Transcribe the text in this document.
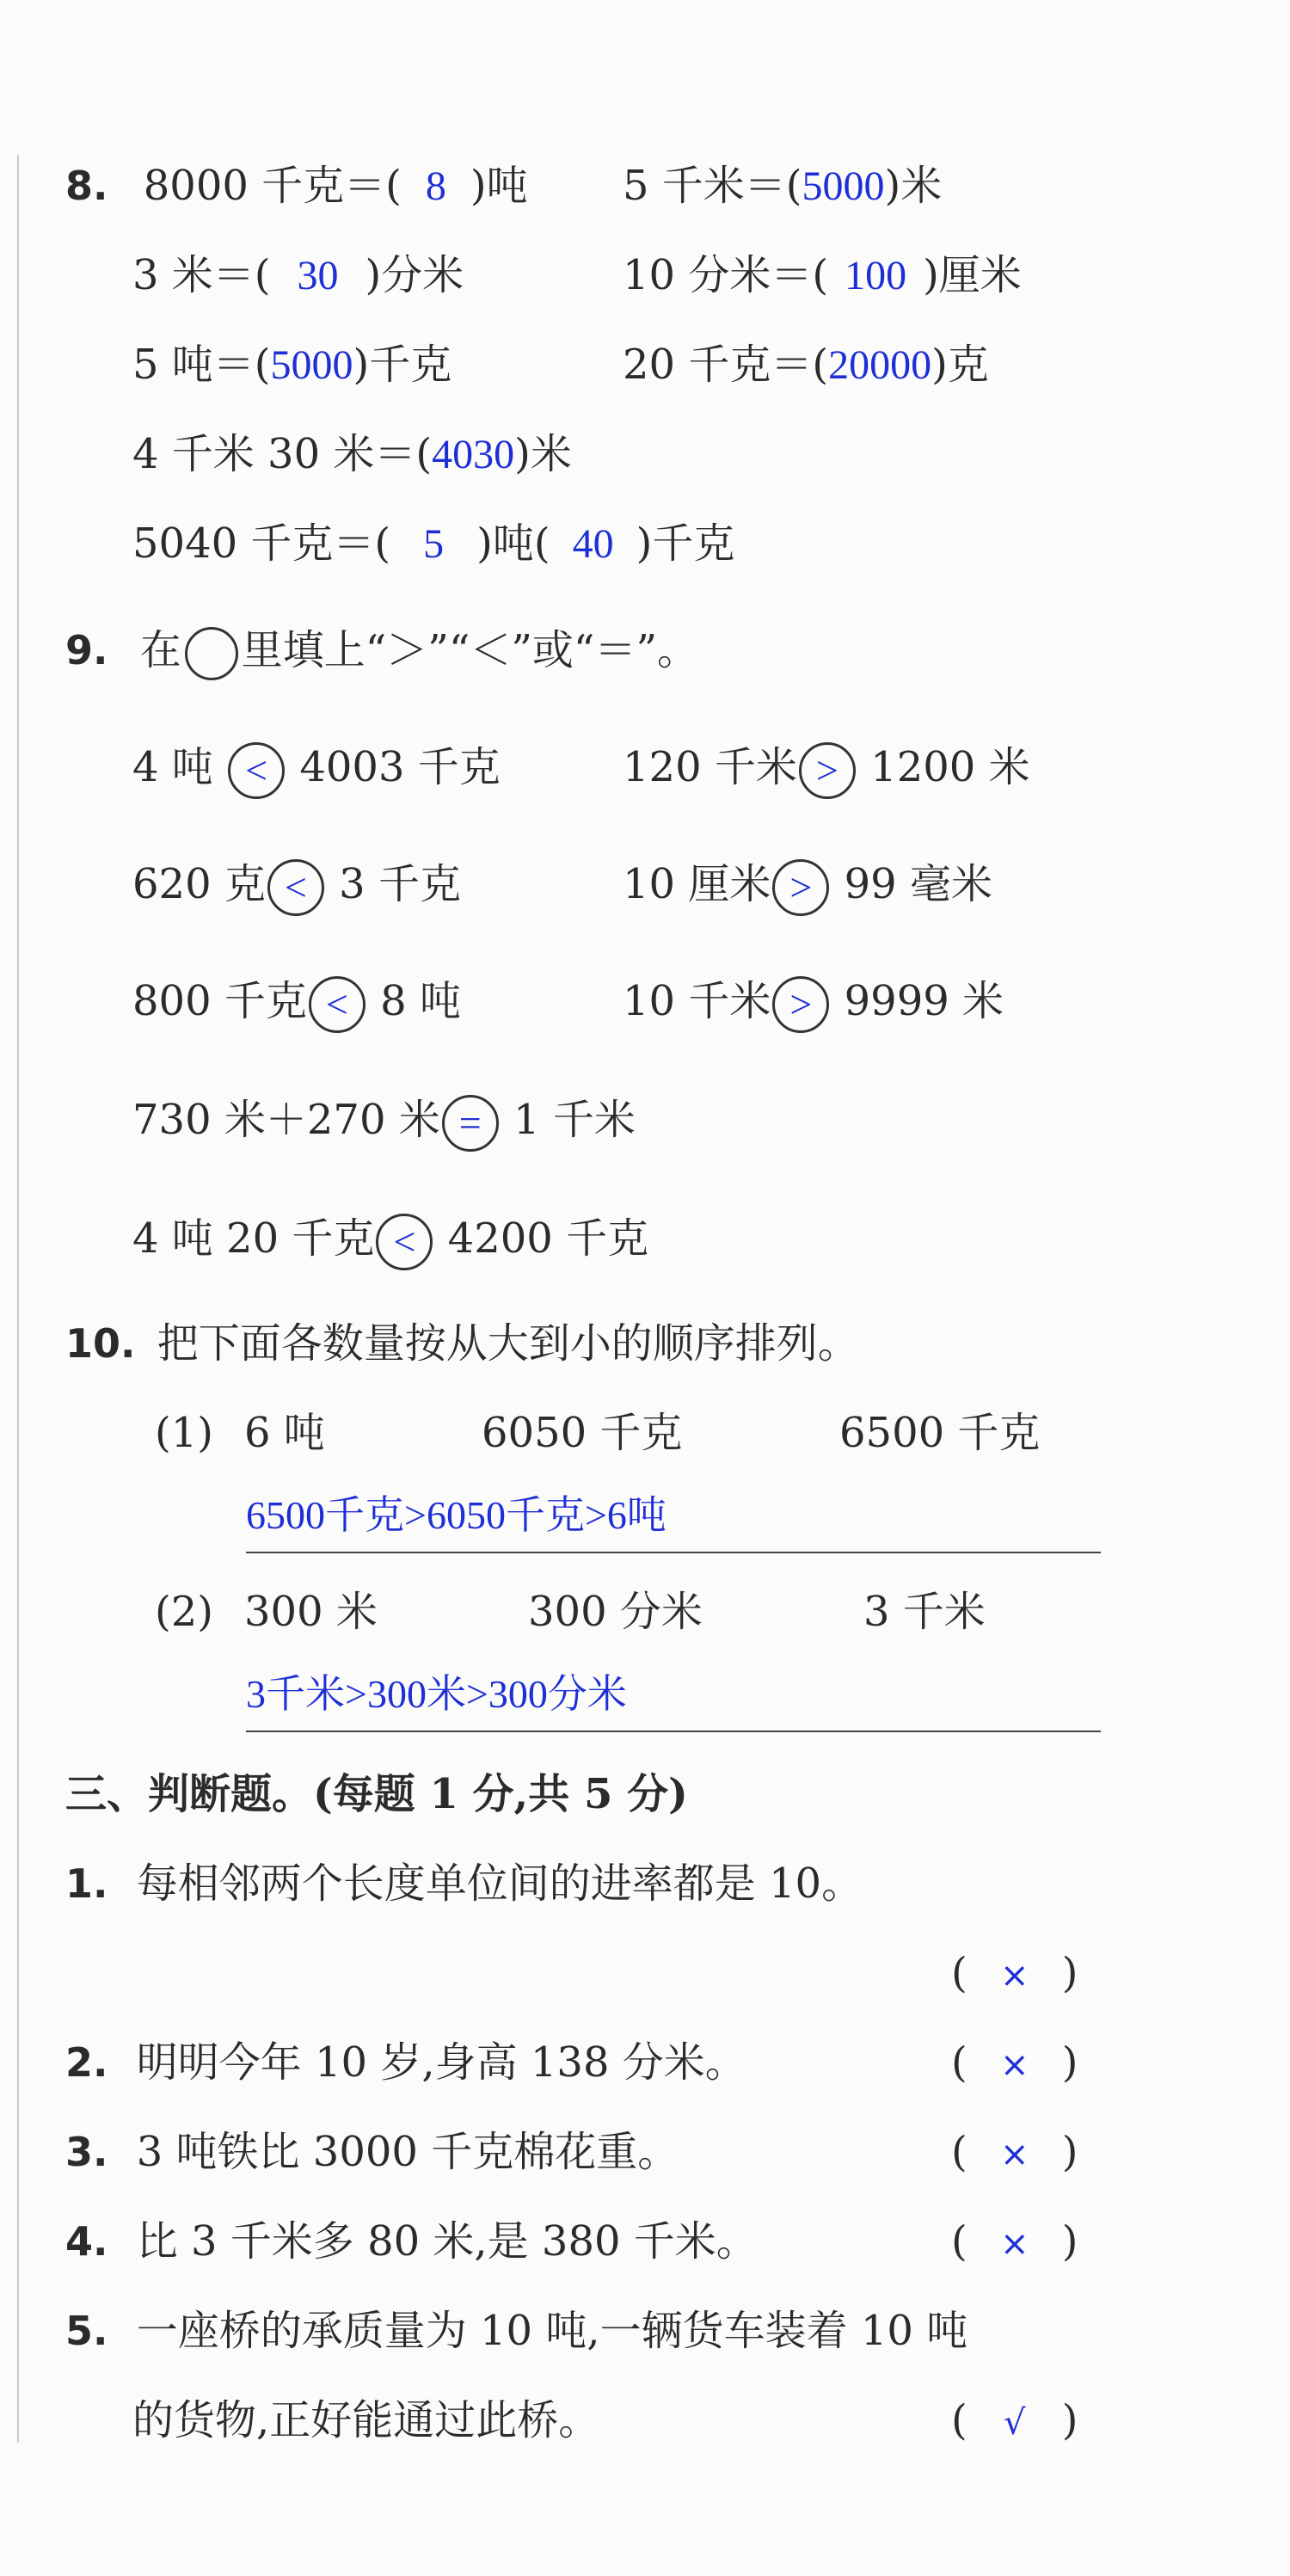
8. 8000 千克＝( 8 )吨 5 千米＝(5000)米
3 米＝( 30 )分米	10 分米＝( 100 )厘米
5 吨＝(5000)千克	20 千克＝(20000)克
4 千米 30 米＝(4030)米
5040 千克＝( 5 )吨( 40 )千克
9. 在 里填上“＞”“＜”或“＝”。
4 吨 < 4003 千克	120 千米 > 1200 米
620 克 < 3 千克	10 厘米 > 99 毫米
800 千克 < 8 吨	10 千米 > 9999 米
730 米＋270 米 = 1 千米
4 吨 20 千克 < 4200 千克
10. 把下面各数量按从大到小的顺序排列。
(1) 6 吨	6050 千克	6500 千克
6500千克>6050千克>6吨
(2) 300 米	300 分米	3 千米
3千米>300米>300分米
三、判断题。(每题 1 分,共 5 分)
1. 每相邻两个长度单位间的进率都是 10。
( × )
2. 明明今年 10 岁,身高 138 分米。	( × )
3. 3 吨铁比 3000 千克棉花重。	( × )
4. 比 3 千米多 80 米,是 380 千米。	( × )
5. 一座桥的承质量为 10 吨,一辆货车装着 10 吨
的货物,正好能通过此桥。	( √ )
